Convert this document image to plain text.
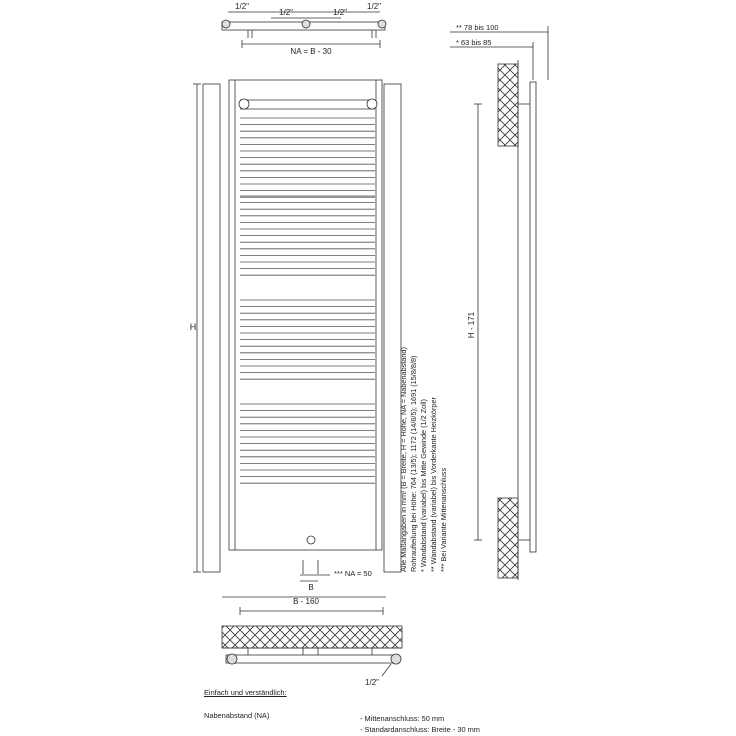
1/2"
1/2"	1/2"
1/2"
NA = B - 30
H
*** NA = 50
B
B - 160
** 78 bis 100
* 63 bis 85
H - 171
1/2"
Alle Maßangaben in mm! (B = Breite, H = Höhe, NA = Nabenabstand) Rohraufteilung bei Höhe: 764 (13/5); 1172 (14/6/5); 1691 (15/8/8/8) * Wandabstand (variabel) bis Mitte Gewinde (1/2 Zoll) ** Wandabstand (variabel) bis Vorderkante Heizkörper *** Bei Variante Mittenanschluss
Einfach und verständlich:
Nabenabstand (NA)	- Mittenanschluss: 50 mm
- Standardanschluss: Breite - 30 mm
